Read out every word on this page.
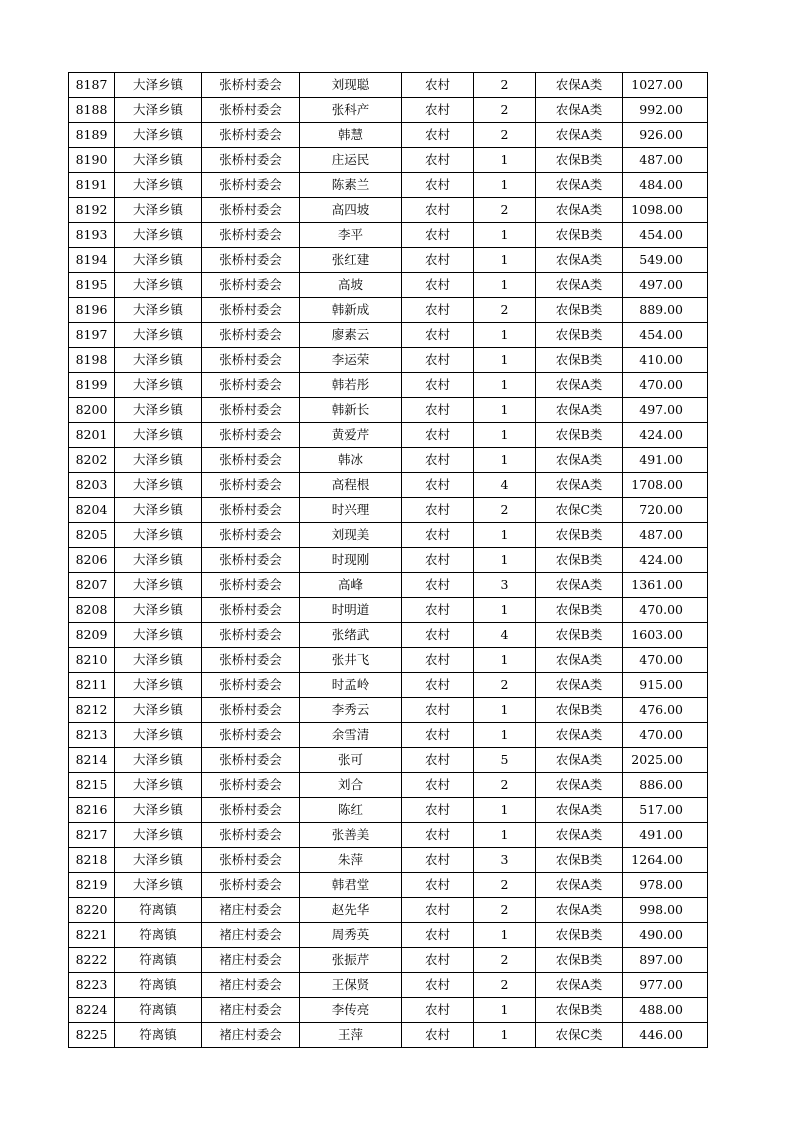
8187	大泽乡镇	张桥村委会	刘现聪	农村	2	农保A类	1027.00
8188	大泽乡镇	张桥村委会	张科产	农村	2	农保A类	992.00
8189	大泽乡镇	张桥村委会	韩慧	农村	2	农保A类	926.00
8190	大泽乡镇	张桥村委会	庄运民	农村	1	农保B类	487.00
8191	大泽乡镇	张桥村委会	陈素兰	农村	1	农保A类	484.00
8192	大泽乡镇	张桥村委会	高四坡	农村	2	农保A类	1098.00
8193	大泽乡镇	张桥村委会	李平	农村	1	农保B类	454.00
8194	大泽乡镇	张桥村委会	张红建	农村	1	农保A类	549.00
8195	大泽乡镇	张桥村委会	高坡	农村	1	农保A类	497.00
8196	大泽乡镇	张桥村委会	韩新成	农村	2	农保B类	889.00
8197	大泽乡镇	张桥村委会	廖素云	农村	1	农保B类	454.00
8198	大泽乡镇	张桥村委会	李运荣	农村	1	农保B类	410.00
8199	大泽乡镇	张桥村委会	韩若彤	农村	1	农保A类	470.00
8200	大泽乡镇	张桥村委会	韩新长	农村	1	农保A类	497.00
8201	大泽乡镇	张桥村委会	黄爱芹	农村	1	农保B类	424.00
8202	大泽乡镇	张桥村委会	韩冰	农村	1	农保A类	491.00
8203	大泽乡镇	张桥村委会	高程根	农村	4	农保A类	1708.00
8204	大泽乡镇	张桥村委会	时兴理	农村	2	农保C类	720.00
8205	大泽乡镇	张桥村委会	刘现美	农村	1	农保B类	487.00
8206	大泽乡镇	张桥村委会	时现刚	农村	1	农保B类	424.00
8207	大泽乡镇	张桥村委会	高峰	农村	3	农保A类	1361.00
8208	大泽乡镇	张桥村委会	时明道	农村	1	农保B类	470.00
8209	大泽乡镇	张桥村委会	张绪武	农村	4	农保B类	1603.00
8210	大泽乡镇	张桥村委会	张井飞	农村	1	农保A类	470.00
8211	大泽乡镇	张桥村委会	时孟岭	农村	2	农保A类	915.00
8212	大泽乡镇	张桥村委会	李秀云	农村	1	农保B类	476.00
8213	大泽乡镇	张桥村委会	余雪清	农村	1	农保A类	470.00
8214	大泽乡镇	张桥村委会	张可	农村	5	农保A类	2025.00
8215	大泽乡镇	张桥村委会	刘合	农村	2	农保A类	886.00
8216	大泽乡镇	张桥村委会	陈红	农村	1	农保A类	517.00
8217	大泽乡镇	张桥村委会	张善美	农村	1	农保A类	491.00
8218	大泽乡镇	张桥村委会	朱萍	农村	3	农保B类	1264.00
8219	大泽乡镇	张桥村委会	韩君堂	农村	2	农保A类	978.00
8220	符离镇	褚庄村委会	赵先华	农村	2	农保A类	998.00
8221	符离镇	褚庄村委会	周秀英	农村	1	农保B类	490.00
8222	符离镇	褚庄村委会	张振芹	农村	2	农保B类	897.00
8223	符离镇	褚庄村委会	王保贤	农村	2	农保A类	977.00
8224	符离镇	褚庄村委会	李传亮	农村	1	农保B类	488.00
8225	符离镇	褚庄村委会	王萍	农村	1	农保C类	446.00
